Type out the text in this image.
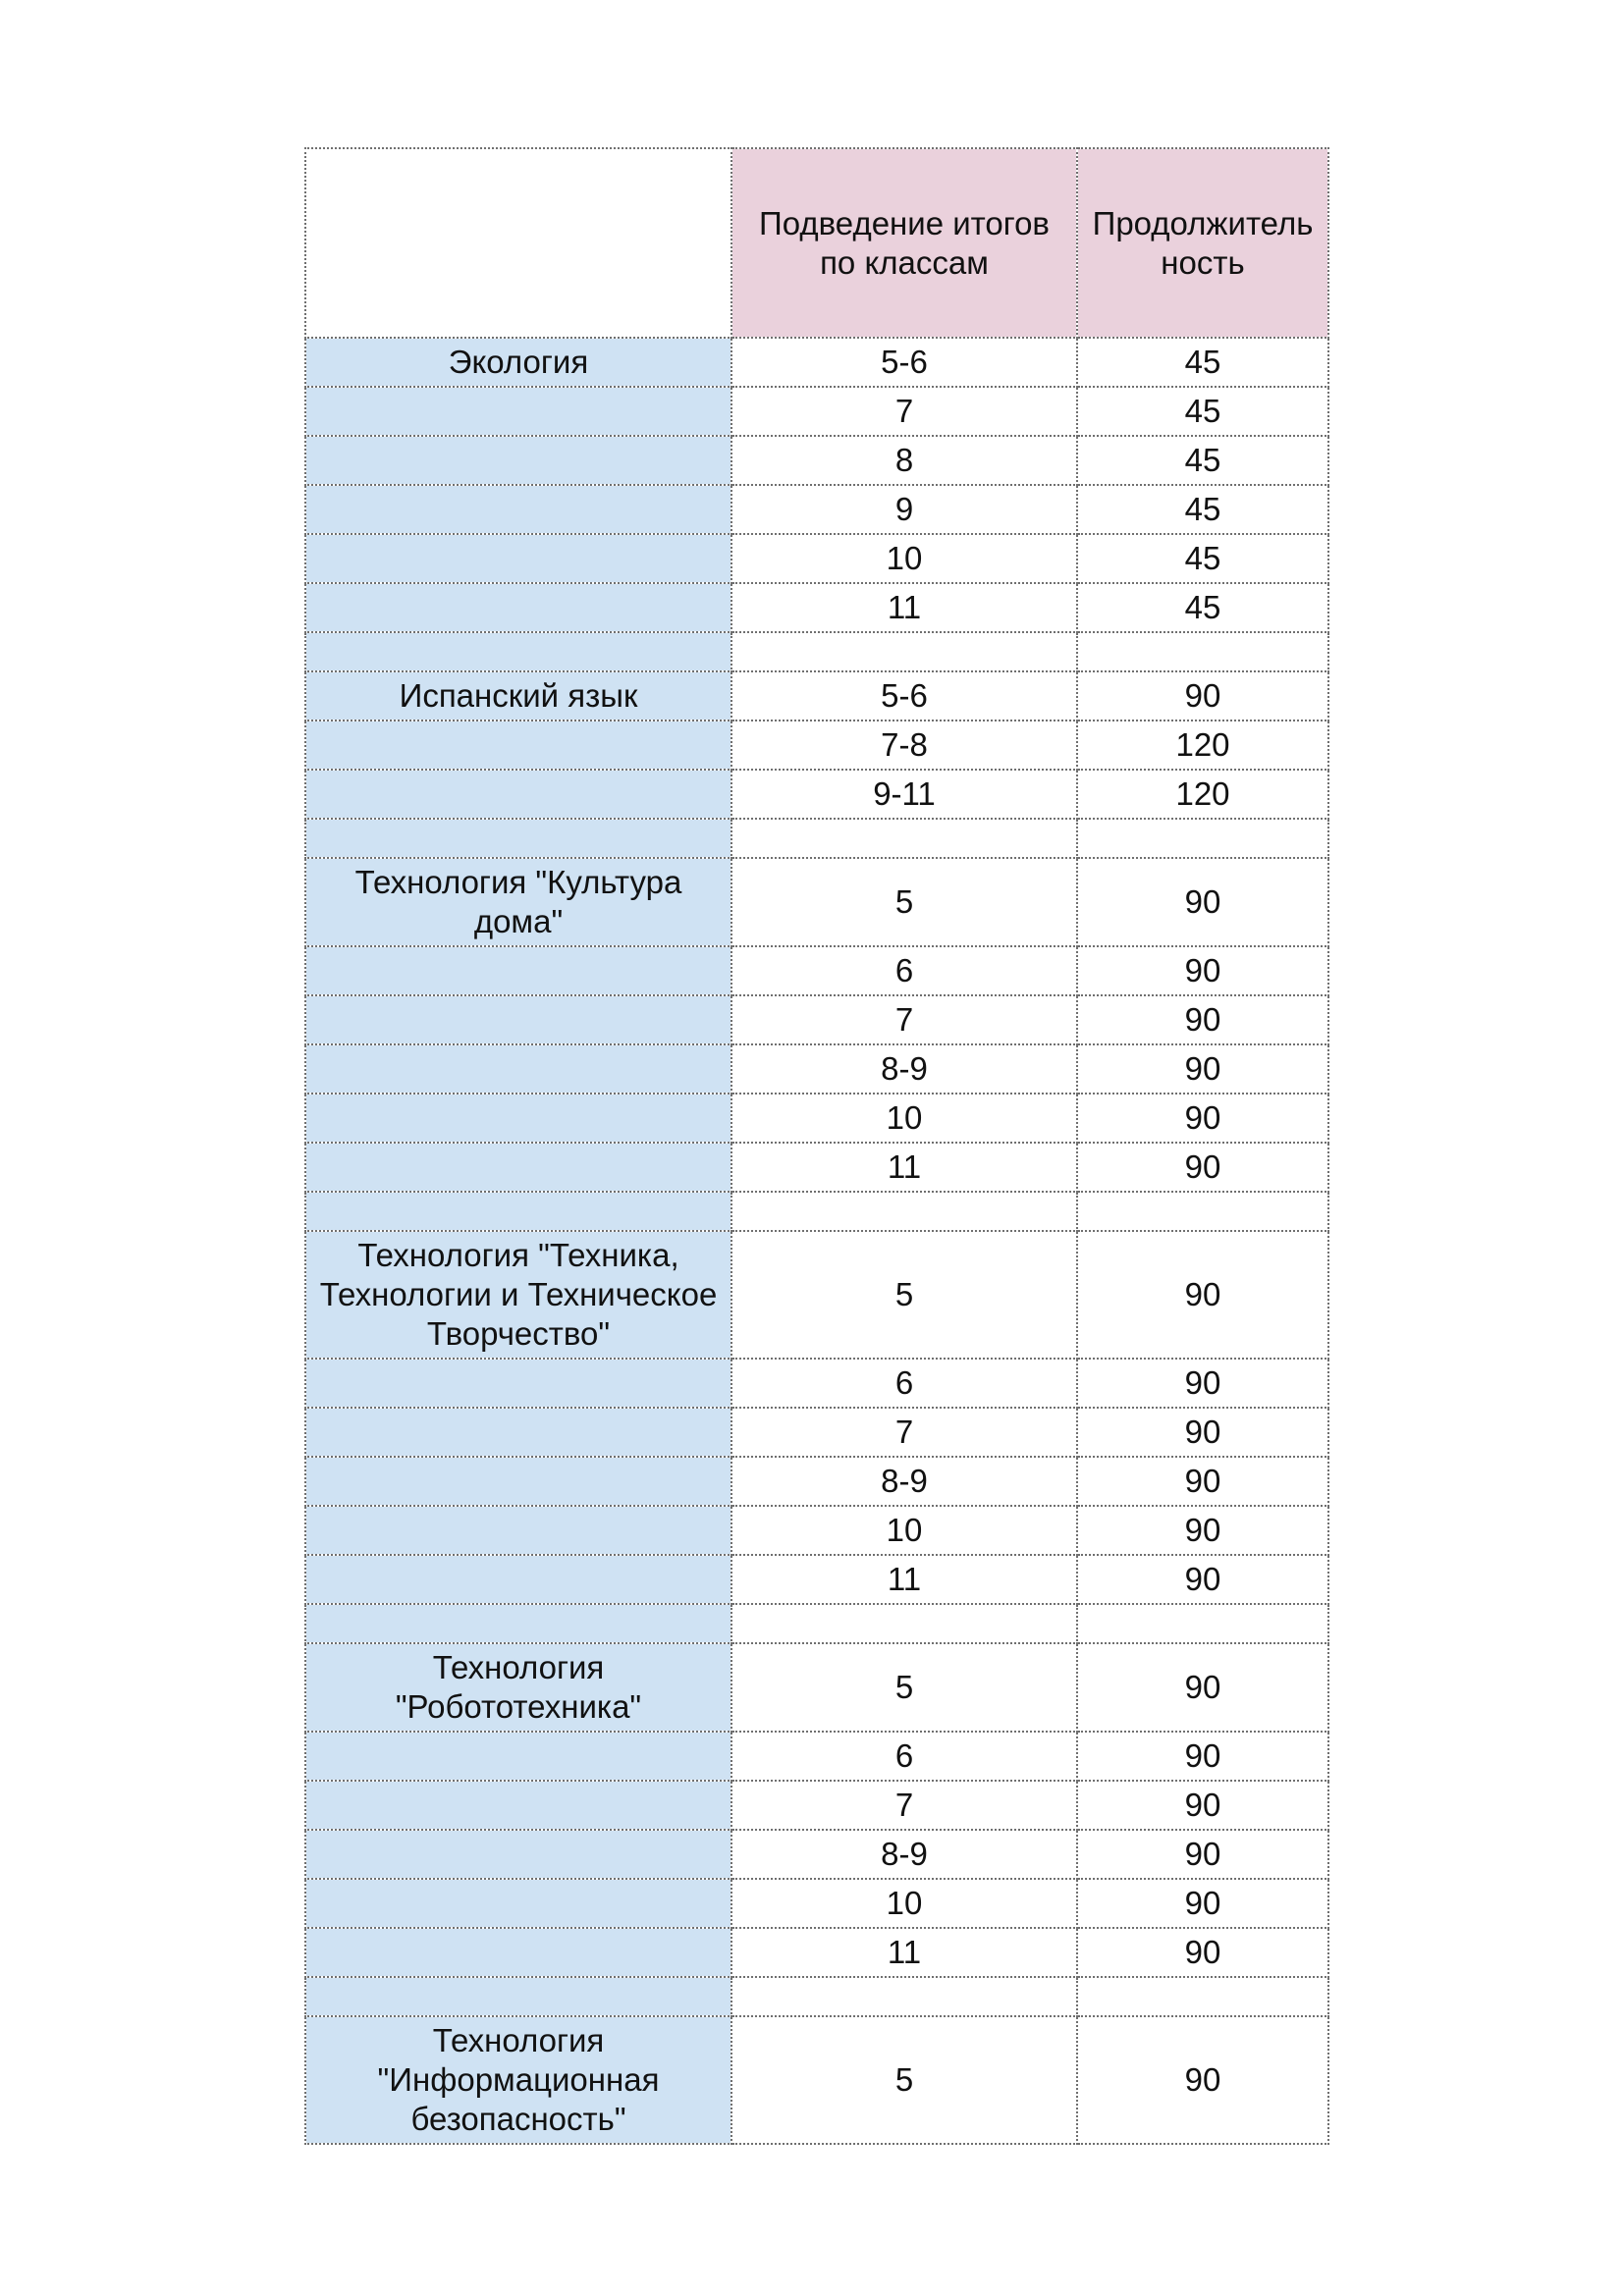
	Подведение итогов по классам	Продолжитель ность
Экология	5-6	45
	7	45
	8	45
	9	45
	10	45
	11	45

Испанский язык	5-6	90
	7-8	120
	9-11	120

Технология "Культура дома"	5	90
	6	90
	7	90
	8-9	90
	10	90
	11	90

Технология "Техника, Технологии и Техническое Творчество"	5	90
	6	90
	7	90
	8-9	90
	10	90
	11	90

Технология "Робототехника"	5	90
	6	90
	7	90
	8-9	90
	10	90
	11	90

Технология "Информационная безопасность"	5	90
